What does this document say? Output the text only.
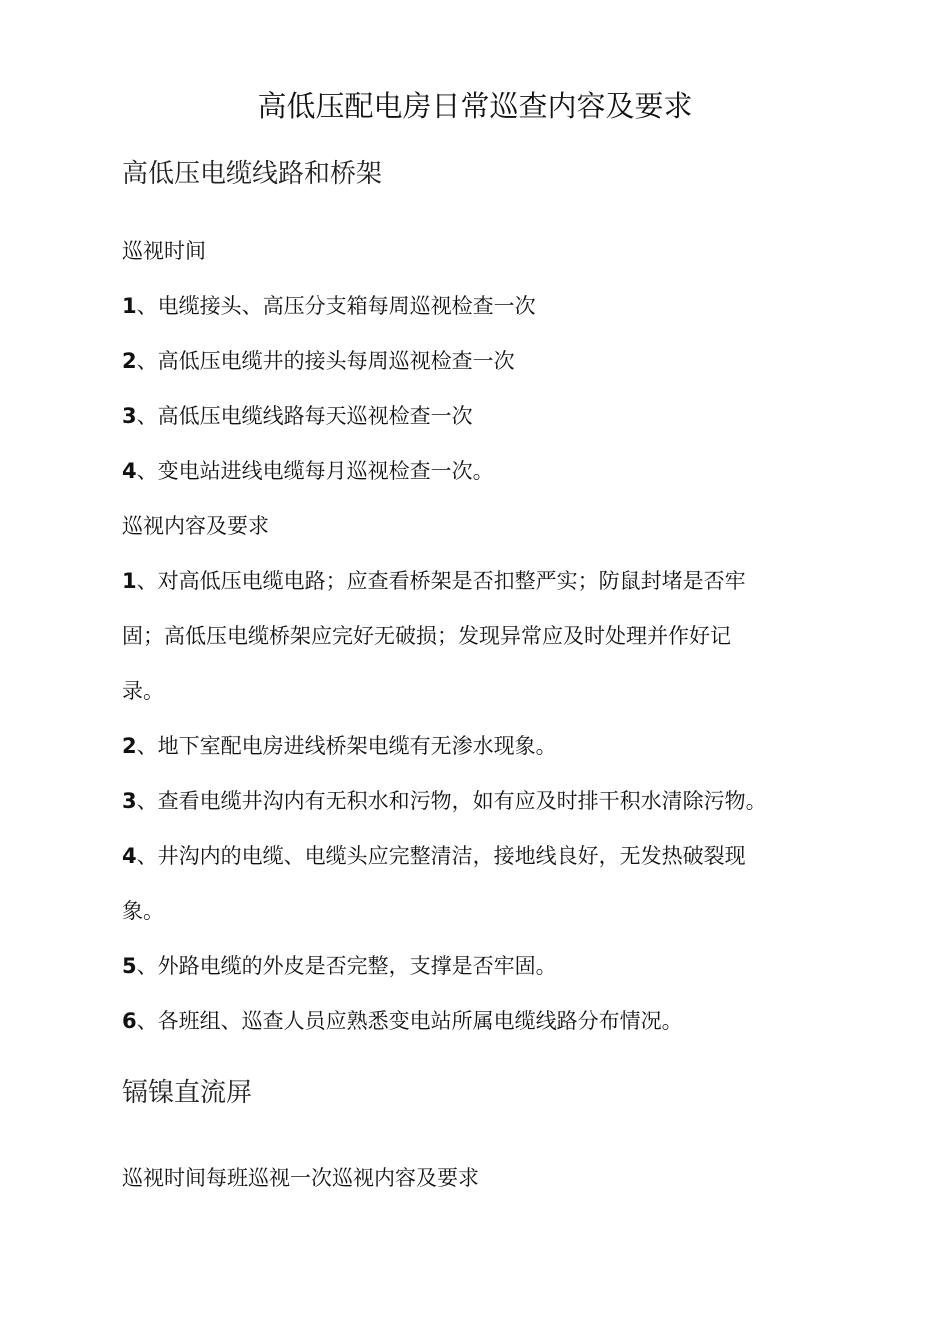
高低压配电房日常巡查内容及要求
高低压电缆线路和桥架
巡视时间
1、电缆接头、高压分支箱每周巡视检查一次
2、高低压电缆井的接头每周巡视检查一次
3、高低压电缆线路每天巡视检查一次
4、变电站进线电缆每月巡视检查一次。
巡视内容及要求
1、对高低压电缆电路；应查看桥架是否扣整严实；防鼠封堵是否牢
固；高低压电缆桥架应完好无破损；发现异常应及时处理并作好记
录。
2、地下室配电房进线桥架电缆有无渗水现象。
3、查看电缆井沟内有无积水和污物，如有应及时排干积水清除污物。
4、井沟内的电缆、电缆头应完整清洁，接地线良好，无发热破裂现
象。
5、外路电缆的外皮是否完整，支撑是否牢固。
6、各班组、巡查人员应熟悉变电站所属电缆线路分布情况。
镉镍直流屏
巡视时间每班巡视一次巡视内容及要求
